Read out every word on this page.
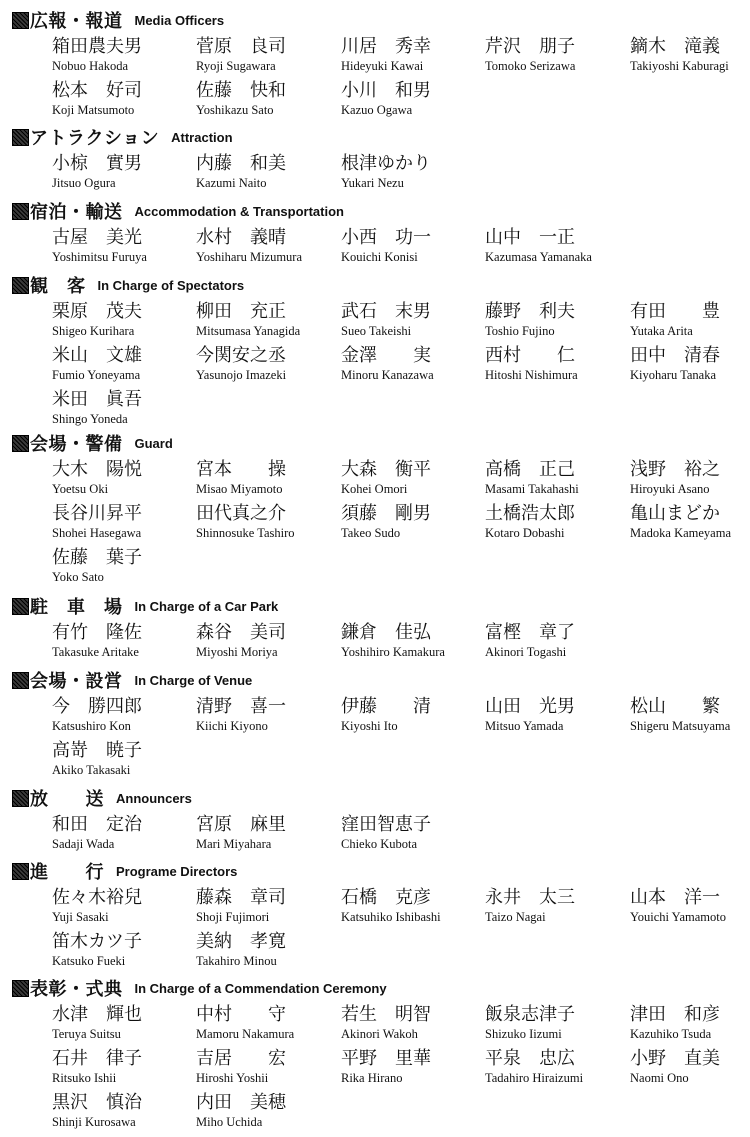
広報・報道 Media Officers
箱田農夫男
Nobuo Hakoda
菅原　良司
Ryoji Sugawara
川居　秀幸
Hideyuki Kawai
芹沢　朋子
Tomoko Serizawa
鏑木　滝義
Takiyoshi Kaburagi
松本　好司
Koji Matsumoto
佐藤　快和
Yoshikazu Sato
小川　和男
Kazuo Ogawa
アトラクション Attraction
小椋　實男
Jitsuo Ogura
内藤　和美
Kazumi Naito
根津ゆかり
Yukari Nezu
宿泊・輸送 Accommodation & Transportation
古屋　美光
Yoshimitsu Furuya
水村　義晴
Yoshiharu Mizumura
小西　功一
Kouichi Konisi
山中　一正
Kazumasa Yamanaka
観　客 In Charge of Spectators
栗原　茂夫
Shigeo Kurihara
柳田　充正
Mitsumasa Yanagida
武石　末男
Sueo Takeishi
藤野　利夫
Toshio Fujino
有田　　豊
Yutaka Arita
米山　文雄
Fumio Yoneyama
今関安之丞
Yasunojo Imazeki
金澤　　実
Minoru Kanazawa
西村　　仁
Hitoshi Nishimura
田中　清春
Kiyoharu Tanaka
米田　眞吾
Shingo Yoneda
会場・警備 Guard
大木　陽悦
Yoetsu Oki
宮本　　操
Misao Miyamoto
大森　衡平
Kohei Omori
高橋　正己
Masami Takahashi
浅野　裕之
Hiroyuki Asano
長谷川昇平
Shohei Hasegawa
田代真之介
Shinnosuke Tashiro
須藤　剛男
Takeo Sudo
土橋浩太郎
Kotaro Dobashi
亀山まどか
Madoka Kameyama
佐藤　葉子
Yoko Sato
駐　車　場 In Charge of a Car Park
有竹　隆佐
Takasuke Aritake
森谷　美司
Miyoshi Moriya
鎌倉　佳弘
Yoshihiro Kamakura
富樫　章了
Akinori Togashi
会場・設営 In Charge of Venue
今　勝四郎
Katsushiro Kon
清野　喜一
Kiichi Kiyono
伊藤　　清
Kiyoshi Ito
山田　光男
Mitsuo Yamada
松山　　繁
Shigeru Matsuyama
高嵜　暁子
Akiko Takasaki
放　　送 Announcers
和田　定治
Sadaji Wada
宮原　麻里
Mari Miyahara
窪田智恵子
Chieko Kubota
進　　行 Programe Directors
佐々木裕兒
Yuji Sasaki
藤森　章司
Shoji Fujimori
石橋　克彦
Katsuhiko Ishibashi
永井　太三
Taizo Nagai
山本　洋一
Youichi Yamamoto
笛木カツ子
Katsuko Fueki
美納　孝寛
Takahiro Minou
表彰・式典 In Charge of a Commendation Ceremony
水津　輝也
Teruya Suitsu
中村　　守
Mamoru Nakamura
若生　明智
Akinori Wakoh
飯泉志津子
Shizuko Iizumi
津田　和彦
Kazuhiko Tsuda
石井　律子
Ritsuko Ishii
吉居　　宏
Hiroshi Yoshii
平野　里華
Rika Hirano
平泉　忠広
Tadahiro Hiraizumi
小野　直美
Naomi Ono
黒沢　慎治
Shinji Kurosawa
内田　美穂
Miho Uchida
